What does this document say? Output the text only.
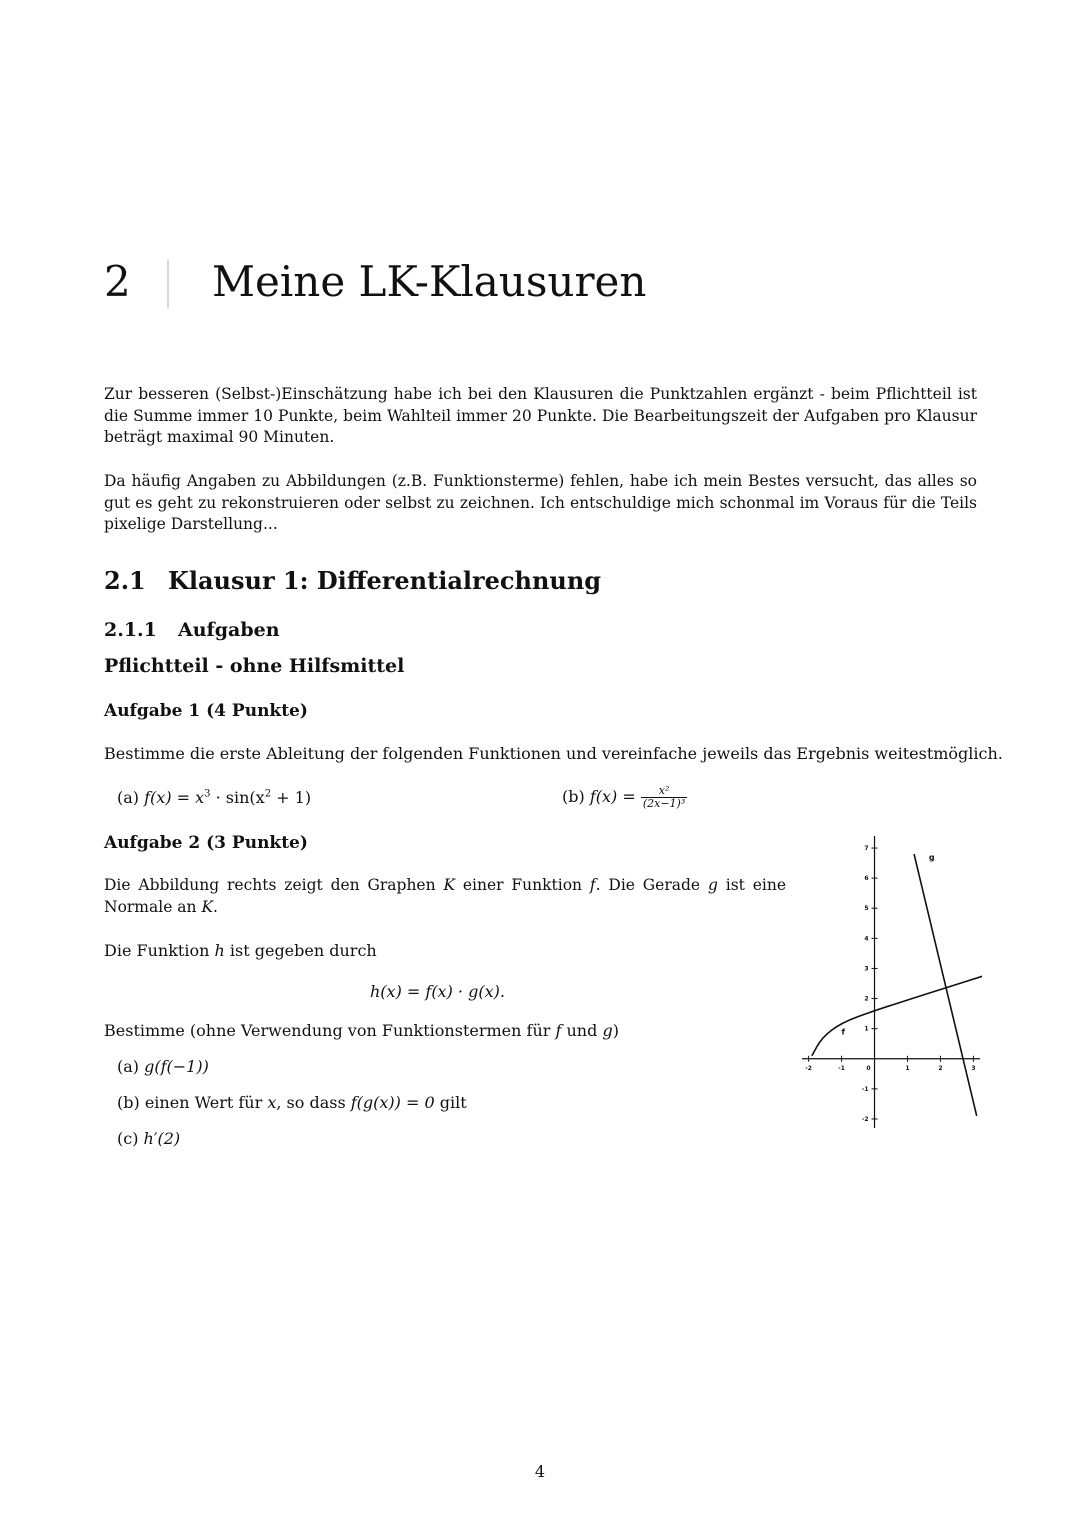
2 Meine LK-Klausuren

Zur besseren (Selbst-)Einschätzung habe ich bei den Klausuren die Punktzahlen ergänzt - beim Pflichtteil ist die Summe immer 10 Punkte, beim Wahlteil immer 20 Punkte. Die Bearbeitungszeit der Aufgaben pro Klausur beträgt maximal 90 Minuten.

Da häufig Angaben zu Abbildungen (z.B. Funktionsterme) fehlen, habe ich mein Bestes versucht, das alles so gut es geht zu rekonstruieren oder selbst zu zeichnen. Ich entschuldige mich schonmal im Voraus für die Teils pixelige Darstellung...

2.1 Klausur 1: Differentialrechnung
2.1.1 Aufgaben
Pflichtteil - ohne Hilfsmittel
Aufgabe 1 (4 Punkte)
Bestimme die erste Ableitung der folgenden Funktionen und vereinfache jeweils das Ergebnis weitestmöglich.
(a) $f(x) = x^3 \cdot \sin(x^2 + 1)$	(b) $f(x) = \frac{\text{x²}}{\text{(2x−1)³}}$
Aufgabe 2 (3 Punkte)

Die Abbildung rechts zeigt den Graphen K einer Funktion f. Die Gerade g ist eine Normale an K.

Die Funktion h ist gegeben durch
h(x) = f(x) · g(x).
Bestimme (ohne Verwendung von Funktionstermen für f und g)
(a) g(f(−1))
(b) einen Wert für x, so dass f(g(x)) = 0 gilt
(c) h′(2)
-2	-1	0	1	2	3
7
6
5
4
3
2
1
-1
-2
f
g
4
